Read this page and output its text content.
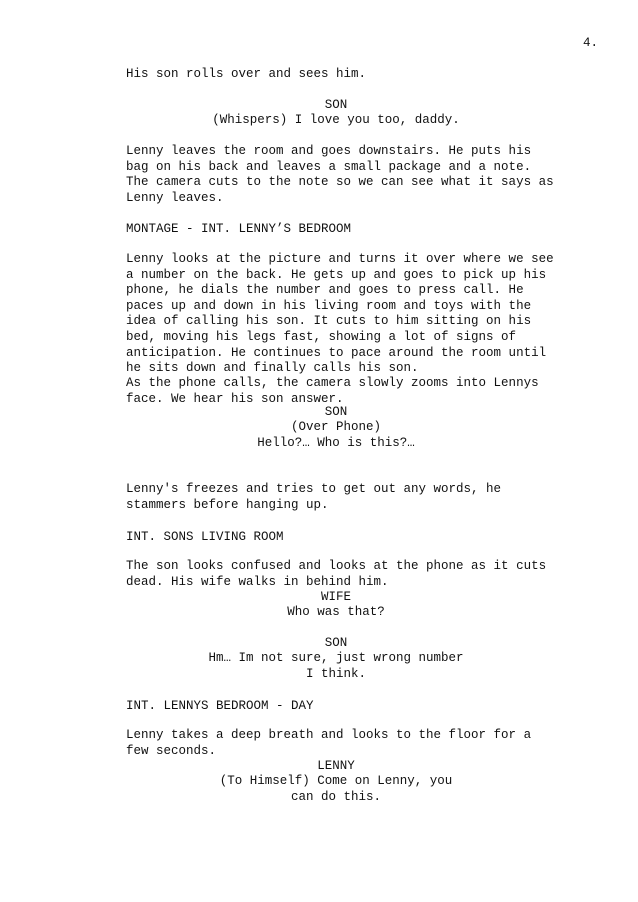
4.
His son rolls over and sees him.
SON
(Whispers) I love you too, daddy.
Lenny leaves the room and goes downstairs. He puts his
bag on his back and leaves a small package and a note.
The camera cuts to the note so we can see what it says as
Lenny leaves.
MONTAGE - INT. LENNY’S BEDROOM
Lenny looks at the picture and turns it over where we see
a number on the back. He gets up and goes to pick up his
phone, he dials the number and goes to press call. He
paces up and down in his living room and toys with the
idea of calling his son. It cuts to him sitting on his
bed, moving his legs fast, showing a lot of signs of
anticipation. He continues to pace around the room until
he sits down and finally calls his son.
As the phone calls, the camera slowly zooms into Lennys
face. We hear his son answer.
SON
(Over Phone)
Hello?… Who is this?…
Lenny's freezes and tries to get out any words, he
stammers before hanging up.
INT. SONS LIVING ROOM
The son looks confused and looks at the phone as it cuts
dead. His wife walks in behind him.
WIFE
Who was that?
SON
Hm… Im not sure, just wrong number
I think.
INT. LENNYS BEDROOM - DAY
Lenny takes a deep breath and looks to the floor for a
few seconds.
LENNY
(To Himself) Come on Lenny, you
can do this.
